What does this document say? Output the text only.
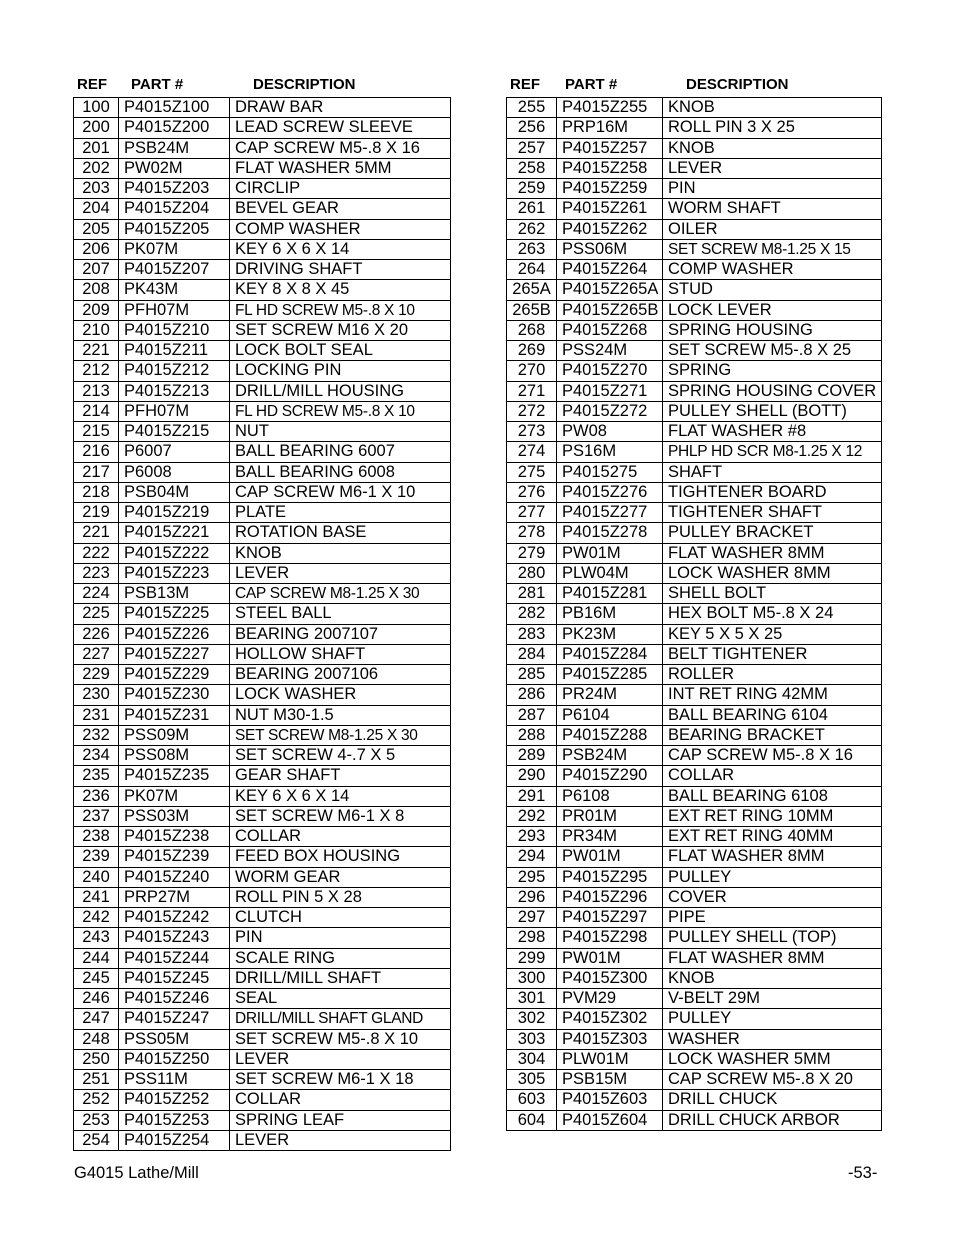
REF PART #	DESCRIPTION
100	P4015Z100	DRAW BAR
200	P4015Z200	LEAD SCREW SLEEVE
201	PSB24M	CAP SCREW M5-.8 X 16
202	PW02M	FLAT WASHER 5MM
203	P4015Z203	CIRCLIP
204	P4015Z204	BEVEL GEAR
205	P4015Z205	COMP WASHER
206	PK07M	KEY 6 X 6 X 14
207	P4015Z207	DRIVING SHAFT
208	PK43M	KEY 8 X 8 X 45
209	PFH07M	FL HD SCREW M5-.8 X 10
210	P4015Z210	SET SCREW M16 X 20
221	P4015Z211	LOCK BOLT SEAL
212	P4015Z212	LOCKING PIN
213	P4015Z213	DRILL/MILL HOUSING
214	PFH07M	FL HD SCREW M5-.8 X 10
215	P4015Z215	NUT
216	P6007	BALL BEARING 6007
217	P6008	BALL BEARING 6008
218	PSB04M	CAP SCREW M6-1 X 10
219	P4015Z219	PLATE
221	P4015Z221	ROTATION BASE
222	P4015Z222	KNOB
223	P4015Z223	LEVER
224	PSB13M	CAP SCREW M8-1.25 X 30
225	P4015Z225	STEEL BALL
226	P4015Z226	BEARING 2007107
227	P4015Z227	HOLLOW SHAFT
229	P4015Z229	BEARING 2007106
230	P4015Z230	LOCK WASHER
231	P4015Z231	NUT M30-1.5
232	PSS09M	SET SCREW M8-1.25 X 30
234	PSS08M	SET SCREW 4-.7 X 5
235	P4015Z235	GEAR SHAFT
236	PK07M	KEY 6 X 6 X 14
237	PSS03M	SET SCREW M6-1 X 8
238	P4015Z238	COLLAR
239	P4015Z239	FEED BOX HOUSING
240	P4015Z240	WORM GEAR
241	PRP27M	ROLL PIN 5 X 28
242	P4015Z242	CLUTCH
243	P4015Z243	PIN
244	P4015Z244	SCALE RING
245	P4015Z245	DRILL/MILL SHAFT
246	P4015Z246	SEAL
247	P4015Z247	DRILL/MILL SHAFT GLAND
248	PSS05M	SET SCREW M5-.8 X 10
250	P4015Z250	LEVER
251	PSS11M	SET SCREW M6-1 X 18
252	P4015Z252	COLLAR
253	P4015Z253	SPRING LEAF
254	P4015Z254	LEVER
REF PART #	DESCRIPTION
255	P4015Z255	KNOB
256	PRP16M	ROLL PIN 3 X 25
257	P4015Z257	KNOB
258	P4015Z258	LEVER
259	P4015Z259	PIN
261	P4015Z261	WORM SHAFT
262	P4015Z262	OILER
263	PSS06M	SET SCREW M8-1.25 X 15
264	P4015Z264	COMP WASHER
265A	P4015Z265A	STUD
265B	P4015Z265B	LOCK LEVER
268	P4015Z268	SPRING HOUSING
269	PSS24M	SET SCREW M5-.8 X 25
270	P4015Z270	SPRING
271	P4015Z271	SPRING HOUSING COVER
272	P4015Z272	PULLEY SHELL (BOTT)
273	PW08	FLAT WASHER #8
274	PS16M	PHLP HD SCR M8-1.25 X 12
275	P4015275	SHAFT
276	P4015Z276	TIGHTENER BOARD
277	P4015Z277	TIGHTENER SHAFT
278	P4015Z278	PULLEY BRACKET
279	PW01M	FLAT WASHER 8MM
280	PLW04M	LOCK WASHER 8MM
281	P4015Z281	SHELL BOLT
282	PB16M	HEX BOLT M5-.8 X 24
283	PK23M	KEY 5 X 5 X 25
284	P4015Z284	BELT TIGHTENER
285	P4015Z285	ROLLER
286	PR24M	INT RET RING 42MM
287	P6104	BALL BEARING 6104
288	P4015Z288	BEARING BRACKET
289	PSB24M	CAP SCREW M5-.8 X 16
290	P4015Z290	COLLAR
291	P6108	BALL BEARING 6108
292	PR01M	EXT RET RING 10MM
293	PR34M	EXT RET RING 40MM
294	PW01M	FLAT WASHER 8MM
295	P4015Z295	PULLEY
296	P4015Z296	COVER
297	P4015Z297	PIPE
298	P4015Z298	PULLEY SHELL (TOP)
299	PW01M	FLAT WASHER 8MM
300	P4015Z300	KNOB
301	PVM29	V-BELT 29M
302	P4015Z302	PULLEY
303	P4015Z303	WASHER
304	PLW01M	LOCK WASHER 5MM
305	PSB15M	CAP SCREW M5-.8 X 20
603	P4015Z603	DRILL CHUCK
604	P4015Z604	DRILL CHUCK ARBOR
G4015 Lathe/Mill	-53-
